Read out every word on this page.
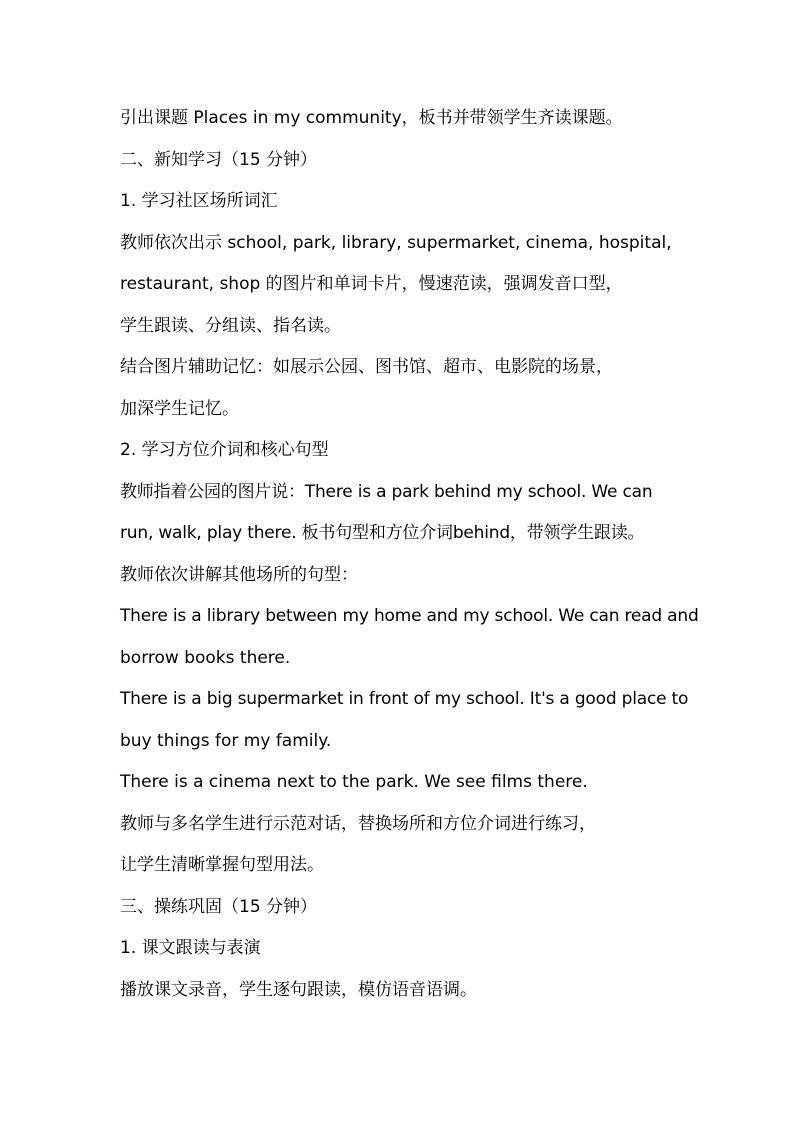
引出课题 Places in my community，板书并带领学生齐读课题。
二、新知学习（15 分钟）
1. 学习社区场所词汇
教师依次出示 school, park, library, supermarket, cinema, hospital,
restaurant, shop 的图片和单词卡片，慢速范读，强调发音口型，
学生跟读、分组读、指名读。
结合图片辅助记忆：如展示公园、图书馆、超市、电影院的场景，
加深学生记忆。
2. 学习方位介词和核心句型
教师指着公园的图片说：There is a park behind my school. We can
run, walk, play there. 板书句型和方位介词behind，带领学生跟读。
教师依次讲解其他场所的句型：
There is a library between my home and my school. We can read and
borrow books there.
There is a big supermarket in front of my school. It's a good place to
buy things for my family.
There is a cinema next to the park. We see films there.
教师与多名学生进行示范对话，替换场所和方位介词进行练习，
让学生清晰掌握句型用法。
三、操练巩固（15 分钟）
1. 课文跟读与表演
播放课文录音，学生逐句跟读，模仿语音语调。
